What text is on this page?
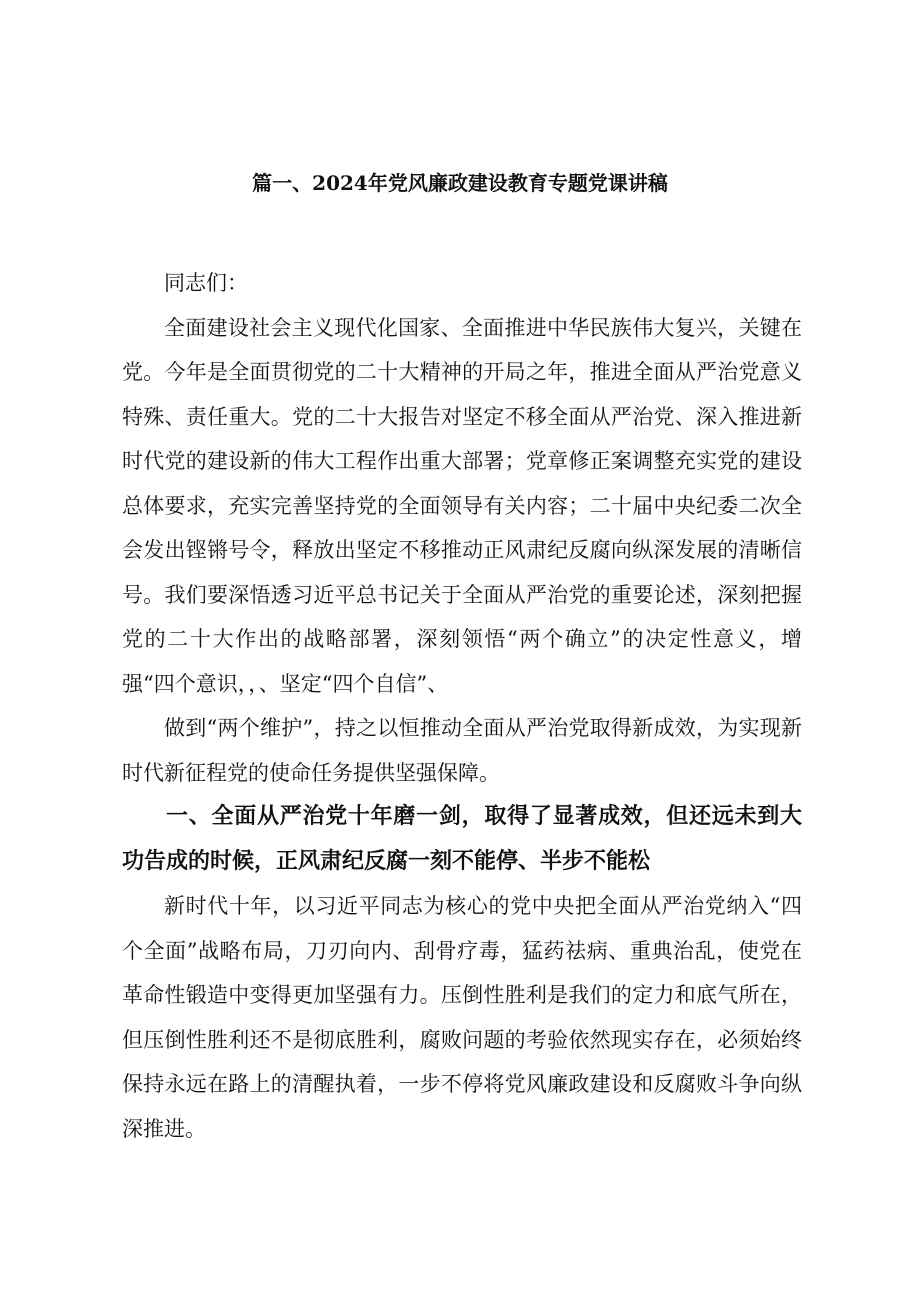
篇一、2024年党风廉政建设教育专题党课讲稿

同志们：

全面建设社会主义现代化国家、全面推进中华民族伟大复兴，关键在党。今年是全面贯彻党的二十大精神的开局之年，推进全面从严治党意义特殊、责任重大。党的二十大报告对坚定不移全面从严治党、深入推进新时代党的建设新的伟大工程作出重大部署；党章修正案调整充实党的建设总体要求，充实完善坚持党的全面领导有关内容；二十届中央纪委二次全会发出铿锵号令，释放出坚定不移推动正风肃纪反腐向纵深发展的清晰信号。我们要深悟透习近平总书记关于全面从严治党的重要论述，深刻把握党的二十大作出的战略部署，深刻领悟“两个确立”的决定性意义，增强“四个意识，，、坚定“四个自信”、

做到“两个维护”，持之以恒推动全面从严治党取得新成效，为实现新时代新征程党的使命任务提供坚强保障。

一、全面从严治党十年磨一剑，取得了显著成效，但还远未到大功告成的时候，正风肃纪反腐一刻不能停、半步不能松

新时代十年，以习近平同志为核心的党中央把全面从严治党纳入“四个全面”战略布局，刀刃向内、刮骨疗毒，猛药祛病、重典治乱，使党在革命性锻造中变得更加坚强有力。压倒性胜利是我们的定力和底气所在，但压倒性胜利还不是彻底胜利，腐败问题的考验依然现实存在，必须始终保持永远在路上的清醒执着，一步不停将党风廉政建设和反腐败斗争向纵深推进。
